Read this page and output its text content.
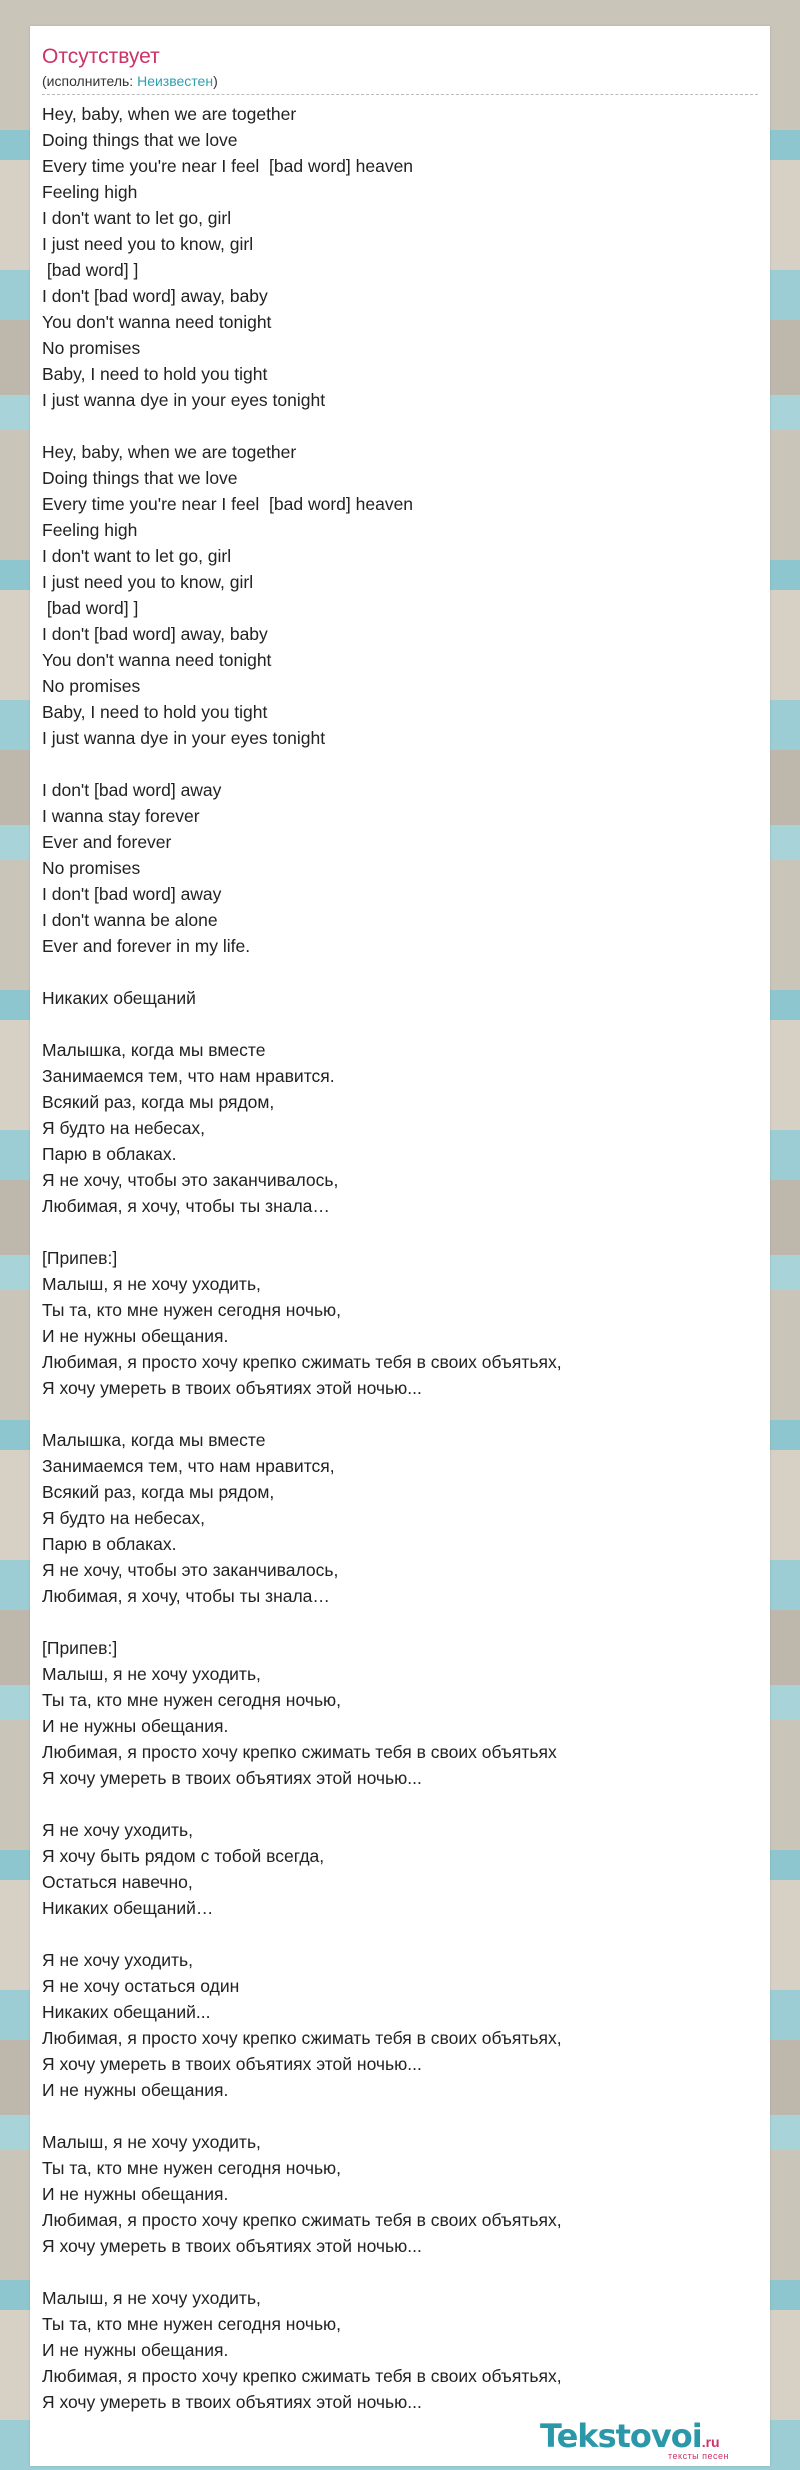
Отсутствует
(исполнитель: Неизвестен)
Hey, baby, when we are together
Doing things that we love
Every time you're near I feel  [bad word] heaven
Feeling high
I don't want to let go, girl
I just need you to know, girl
[bad word] ]
I don't [bad word] away, baby
You don't wanna need tonight
No promises
Baby, I need to hold you tight
I just wanna dye in your eyes tonight
Hey, baby, when we are together
Doing things that we love
Every time you're near I feel  [bad word] heaven
Feeling high
I don't want to let go, girl
I just need you to know, girl
[bad word] ]
I don't [bad word] away, baby
You don't wanna need tonight
No promises
Baby, I need to hold you tight
I just wanna dye in your eyes tonight
I don't [bad word] away
I wanna stay forever
Ever and forever
No promises
I don't [bad word] away
I don't wanna be alone
Ever and forever in my life.
Никаких обещаний
Малышка, когда мы вместе
Занимаемся тем, что нам нравится.
Всякий раз, когда мы рядом,
Я будто на небесах,
Парю в облаках.
Я не хочу, чтобы это заканчивалось,
Любимая, я хочу, чтобы ты знала…
[Припев:]
Малыш, я не хочу уходить,
Ты та, кто мне нужен сегодня ночью,
И не нужны обещания.
Любимая, я просто хочу крепко сжимать тебя в своих объятьях,
Я хочу умереть в твоих объятиях этой ночью...
Малышка, когда мы вместе
Занимаемся тем, что нам нравится,
Всякий раз, когда мы рядом,
Я будто на небесах,
Парю в облаках.
Я не хочу, чтобы это заканчивалось,
Любимая, я хочу, чтобы ты знала…
[Припев:]
Малыш, я не хочу уходить,
Ты та, кто мне нужен сегодня ночью,
И не нужны обещания.
Любимая, я просто хочу крепко сжимать тебя в своих объятьях
Я хочу умереть в твоих объятиях этой ночью...
Я не хочу уходить,
Я хочу быть рядом с тобой всегда,
Остаться навечно,
Никаких обещаний…
Я не хочу уходить,
Я не хочу остаться один
Никаких обещаний...
Любимая, я просто хочу крепко сжимать тебя в своих объятьях,
Я хочу умереть в твоих объятиях этой ночью...
И не нужны обещания.
Малыш, я не хочу уходить,
Ты та, кто мне нужен сегодня ночью,
И не нужны обещания.
Любимая, я просто хочу крепко сжимать тебя в своих объятьях,
Я хочу умереть в твоих объятиях этой ночью...
Малыш, я не хочу уходить,
Ты та, кто мне нужен сегодня ночью,
И не нужны обещания.
Любимая, я просто хочу крепко сжимать тебя в своих объятьях,
Я хочу умереть в твоих объятиях этой ночью...
Tekstovoi.ru
тексты песен
